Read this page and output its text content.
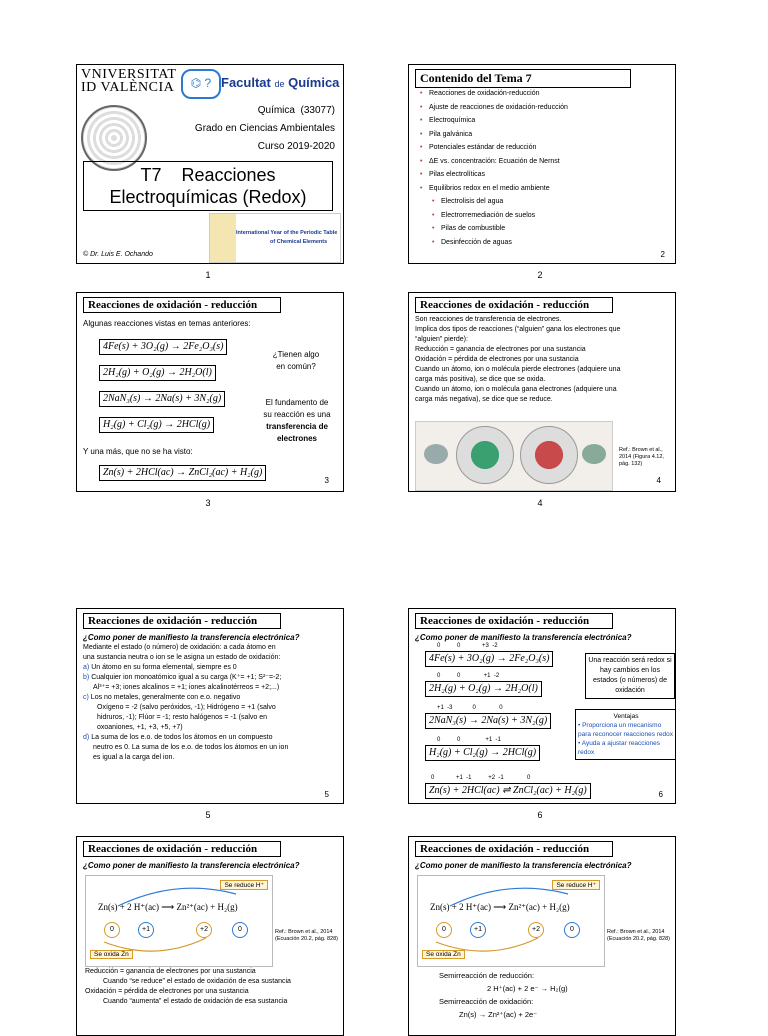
VNIVERSITAT
ID VALÈNCIA	⌬ ? Facultat de Química
Química  (33077)
Grado en Ciencias Ambientales
Curso 2019-2020
T7    Reacciones
Electroquímicas (Redox)
International Year of the Periodic Table
of Chemical Elements
© Dr. Luis E. Ochando
1
Contenido del Tema 7
• Reacciones de oxidación-reducción
• Ajuste de reacciones de oxidación-reducción
• Electroquímica
• Pila galvánica
• Potenciales estándar de reducción
• ΔE vs. concentración: Ecuación de Nernst
• Pilas electrolíticas
• Equilibrios redox en el medio ambiente
• Electrolisis del agua
• Electrorremediación de suelos
• Pilas de combustible
• Desinfección de aguas
2
2
Reacciones de oxidación - reducción
Algunas reacciones vistas en temas anteriores:
4Fe(s) + 3O₂(g) → 2Fe₂O₃(s)
2H₂(g) + O₂(g) → 2H₂O(l)
2NaN₃(s) → 2Na(s) + 3N₂(g)
H₂(g) + Cl₂(g) → 2HCl(g)
¿Tienen algo
en común?
El fundamento de
su reacción es una
transferencia de
electrones
Y una más, que no se ha visto:
Zn(s) + 2HCl(ac) → ZnCl₂(ac) + H₂(g)
3
3
Reacciones de oxidación - reducción
Son reacciones de transferencia de electrones.
Implica dos tipos de reacciones (“alguien” gana los electrones que
“alguien” pierde):
Reducción = ganancia de electrones por una sustancia
Oxidación = pérdida de electrones por una sustancia
Cuando un átomo, ion o molécula pierde electrones (adquiere una
carga más positiva), se dice que se oxida.
Cuando un átomo, ion o molécula gana electrones (adquiere una
carga más negativa), se dice que se reduce.
Ref.: Brown et al.,
2014 (Figura 4.12,
pág. 132)
4
4
Reacciones de oxidación - reducción
¿Como poner de manifiesto la transferencia electrónica?
Mediante el estado (o número) de oxidación: a cada átomo en
una sustancia neutra o ion se le asigna un estado de oxidación:
a) Un átomo en su forma elemental, siempre es 0
b) Cualquier ion monoatómico igual a su carga (K⁺= +1; S²⁻=-2;
Al³⁺= +3; iones alcalinos = +1; iones alcalinotérreos = +2;...)
c) Los no metales, generalmente con e.o. negativo
Oxígeno = -2 (salvo peróxidos, -1); Hidrógeno = +1 (salvo
hidruros, -1); Flúor = -1; resto halógenos = -1 (salvo en
oxoaniones, +1, +3, +5, +7)
d) La suma de los e.o. de todos los átomos en un compuesto
neutro es 0. La suma de los e.o. de todos los átomos en un ion
es igual a la carga del ion.
5
5
Reacciones de oxidación - reducción
¿Como poner de manifiesto la transferencia electrónica?
0          0             +3  -2
4Fe(s) + 3O₂(g) → 2Fe₂O₃(s)
0          0              +1  -2
2H₂(g) + O₂(g) → 2H₂O(l)
+1  -3            0              0
2NaN₃(s) → 2Na(s) + 3N₂(g)
0          0               +1  -1
H₂(g) + Cl₂(g) → 2HCl(g)
0             +1  -1          +2  -1              0
Zn(s) + 2HCl(ac) ⇌ ZnCl₂(ac) + H₂(g)
Una reacción será redox si hay cambios en los estados (o números) de oxidación
Ventajas
• Proporciona un mecanismo para reconocer reacciones redox
• Ayuda a ajustar reacciones redox
6
6
Reacciones de oxidación - reducción
¿Como poner de manifiesto la transferencia electrónica?
Se reduce H⁺
Zn(s) + 2 H⁺(ac) ⟶ Zn²⁺(ac) + H₂(g)
0	+1	+2	0
Se oxida Zn
Ref.: Brown et al., 2014
(Ecuación 20.2, pág. 828)
Reducción = ganancia de electrones por una sustancia
Cuando “se reduce” el estado de oxidación de esa sustancia
Oxidación = pérdida de electrones por una sustancia
Cuando “aumenta” el estado de oxidación de esa sustancia
Reacciones de oxidación - reducción
¿Como poner de manifiesto la transferencia electrónica?
Se reduce H⁺
Zn(s) + 2 H⁺(ac) ⟶ Zn²⁺(ac) + H₂(g)
0	+1	+2	0
Se oxida Zn
Ref.: Brown et al., 2014
(Ecuación 20.2, pág. 828)
Semirreacción de reducción:
2 H⁺(ac) + 2 e⁻ → H₂(g)
Semirreacción de oxidación:
Zn(s) → Zn²⁺(ac) + 2e⁻
